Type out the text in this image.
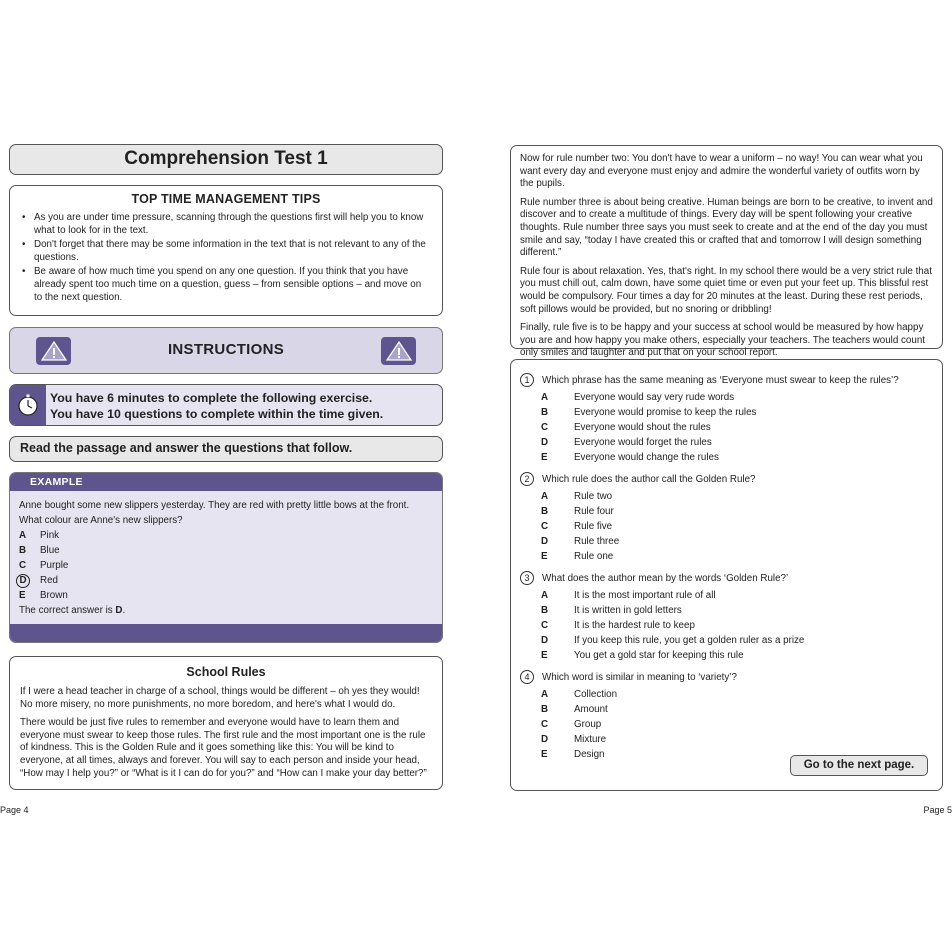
Comprehension Test 1
TOP TIME MANAGEMENT TIPS
• As you are under time pressure, scanning through the questions first will help you to know what to look for in the text.
• Don't forget that there may be some information in the text that is not relevant to any of the questions.
• Be aware of how much time you spend on any one question. If you think that you have already spent too much time on a question, guess – from sensible options – and move on to the next question.
INSTRUCTIONS
You have 6 minutes to complete the following exercise.
You have 10 questions to complete within the time given.
Read the passage and answer the questions that follow.
EXAMPLE
Anne bought some new slippers yesterday. They are red with pretty little bows at the front.
What colour are Anne's new slippers?
A	Pink
B	Blue
C	Purple
D	Red
E	Brown
The correct answer is D.
School Rules
If I were a head teacher in charge of a school, things would be different – oh yes they would! No more misery, no more punishments, no more boredom, and here's what I would do.
There would be just five rules to remember and everyone would have to learn them and everyone must swear to keep those rules. The first rule and the most important one is the rule of kindness. This is the Golden Rule and it goes something like this: You will be kind to everyone, at all times, always and forever. You will say to each person and inside your head, “How may I help you?” or “What is it I can do for you?” and “How can I make your day better?”
Page 4
Now for rule number two: You don't have to wear a uniform – no way! You can wear what you want every day and everyone must enjoy and admire the wonderful variety of outfits worn by the pupils.
Rule number three is about being creative. Human beings are born to be creative, to invent and discover and to create a multitude of things. Every day will be spent following your creative thoughts. Rule number three says you must seek to create and at the end of the day you must smile and say, “today I have created this or crafted that and tomorrow I will design something different.”
Rule four is about relaxation. Yes, that's right. In my school there would be a very strict rule that you must chill out, calm down, have some quiet time or even put your feet up. This blissful rest would be compulsory. Four times a day for 20 minutes at the least. During these rest periods, soft pillows would be provided, but no snoring or dribbling!
Finally, rule five is to be happy and your success at school would be measured by how happy you are and how happy you make others, especially your teachers. The teachers would count only smiles and laughter and put that on your school report.
1	Which phrase has the same meaning as ‘Everyone must swear to keep the rules’?
A	Everyone would say very rude words
B	Everyone would promise to keep the rules
C	Everyone would shout the rules
D	Everyone would forget the rules
E	Everyone would change the rules
2	Which rule does the author call the Golden Rule?
A	Rule two
B	Rule four
C	Rule five
D	Rule three
E	Rule one
3	What does the author mean by the words ‘Golden Rule?’
A	It is the most important rule of all
B	It is written in gold letters
C	It is the hardest rule to keep
D	If you keep this rule, you get a golden ruler as a prize
E	You get a gold star for keeping this rule
4	Which word is similar in meaning to ‘variety’?
A	Collection
B	Amount
C	Group
D	Mixture
E	Design
Go to the next page.
Page 5
